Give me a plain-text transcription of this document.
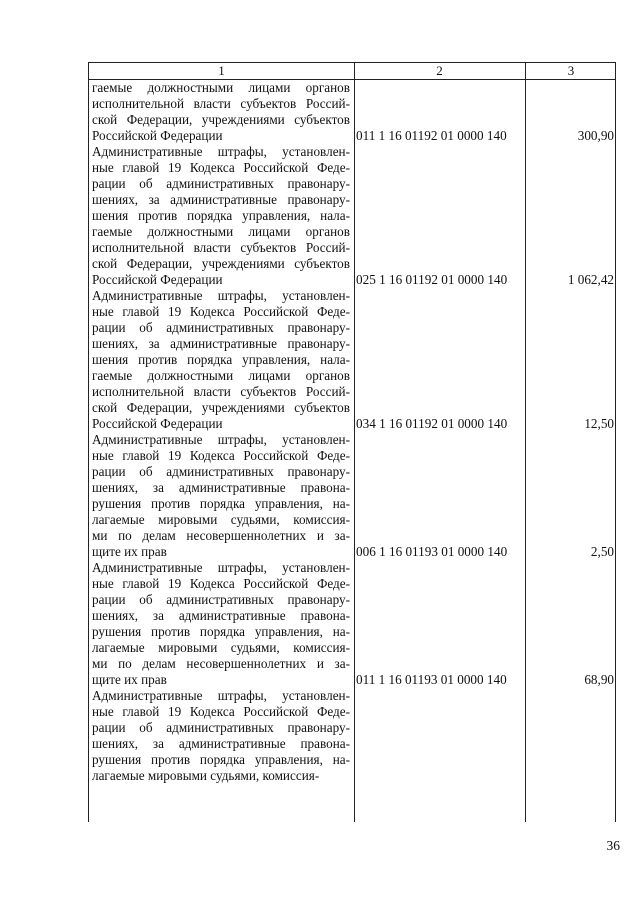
1	2	3
гаемые должностными лицами органов
исполнительной власти субъектов Россий-
ской Федерации, учреждениями субъектов
Российской Федерации
Административные штрафы, установлен-
ные главой 19 Кодекса Российской Феде-
рации об административных правонару-
шениях, за административные правонару-
шения против порядка управления, нала-
гаемые должностными лицами органов
исполнительной власти субъектов Россий-
ской Федерации, учреждениями субъектов
Российской Федерации
Административные штрафы, установлен-
ные главой 19 Кодекса Российской Феде-
рации об административных правонару-
шениях, за административные правонару-
шения против порядка управления, нала-
гаемые должностными лицами органов
исполнительной власти субъектов Россий-
ской Федерации, учреждениями субъектов
Российской Федерации
Административные штрафы, установлен-
ные главой 19 Кодекса Российской Феде-
рации об административных правонару-
шениях, за административные правона-
рушения против порядка управления, на-
лагаемые мировыми судьями, комиссия-
ми по делам несовершеннолетних и за-
щите их прав
Административные штрафы, установлен-
ные главой 19 Кодекса Российской Феде-
рации об административных правонару-
шениях, за административные правона-
рушения против порядка управления, на-
лагаемые мировыми судьями, комиссия-
ми по делам несовершеннолетних и за-
щите их прав
Административные штрафы, установлен-
ные главой 19 Кодекса Российской Феде-
рации об административных правонару-
шениях, за административные правона-
рушения против порядка управления, на-
лагаемые мировыми судьями, комиссия-
011 1 16 01192 01 0000 140
025 1 16 01192 01 0000 140
034 1 16 01192 01 0000 140
006 1 16 01193 01 0000 140
011 1 16 01193 01 0000 140
300,90
1 062,42
12,50
2,50
68,90
36
